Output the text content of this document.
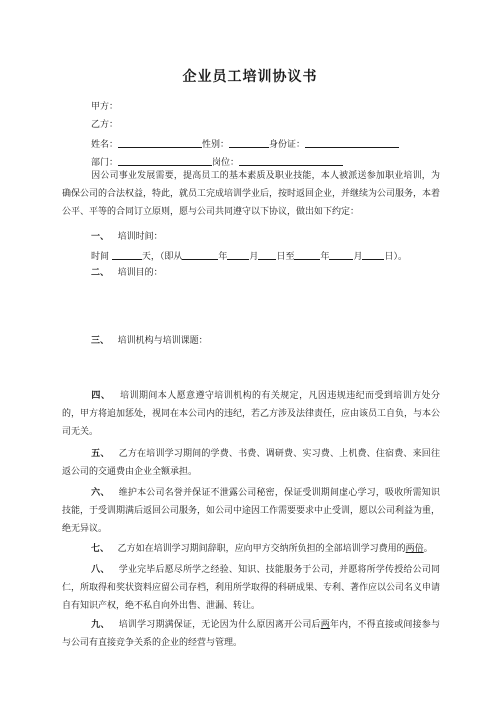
企业员工培训协议书
甲方：
乙方：
姓名：	性别：	身份证：
部门：	岗位：
因公司事业发展需要，提高员工的基本素质及职业技能，本人被派送参加职业培训，为确保公司的合法权益，特此，就员工完成培训学业后，按时返回企业，并继续为公司服务，本着公平、平等的合同订立原则，愿与公司共同遵守以下协议，做出如下约定：
一、 培训时间：
时间	天，（即从	年 月 日至	年	月 日）。
二、 培训目的：
三、 培训机构与培训课题：
四、 培训期间本人愿意遵守培训机构的有关规定，凡因违规违纪而受到培训方处分的，甲方将追加惩处，视同在本公司内的违纪，若乙方涉及法律责任，应由该员工自负，与本公司无关。
五、 乙方在培训学习期间的学费、书费、调研费、实习费、上机费、住宿费、来回往返公司的交通费由企业全额承担。
六、 维护本公司名誉并保证不泄露公司秘密，保证受训期间虚心学习，吸收所需知识技能，于受训期满后返回公司服务，如公司中途因工作需要要求中止受训，愿以公司利益为重，绝无异议。
七、 乙方如在培训学习期间辞职，应向甲方交纳所负担的全部培训学习费用的两倍。
八、 学业完毕后愿尽所学之经验、知识、技能服务于公司，并愿将所学传授给公司同仁，所取得和奖状资料应留公司存档，利用所学取得的科研成果、专利、著作应以公司名义申请自有知识产权，绝不私自向外出售、泄漏、转让。
九、 培训学习期满保证，无论因为什么原因离开公司后两年内，不得直接或间接参与与公司有直接竞争关系的企业的经营与管理。
